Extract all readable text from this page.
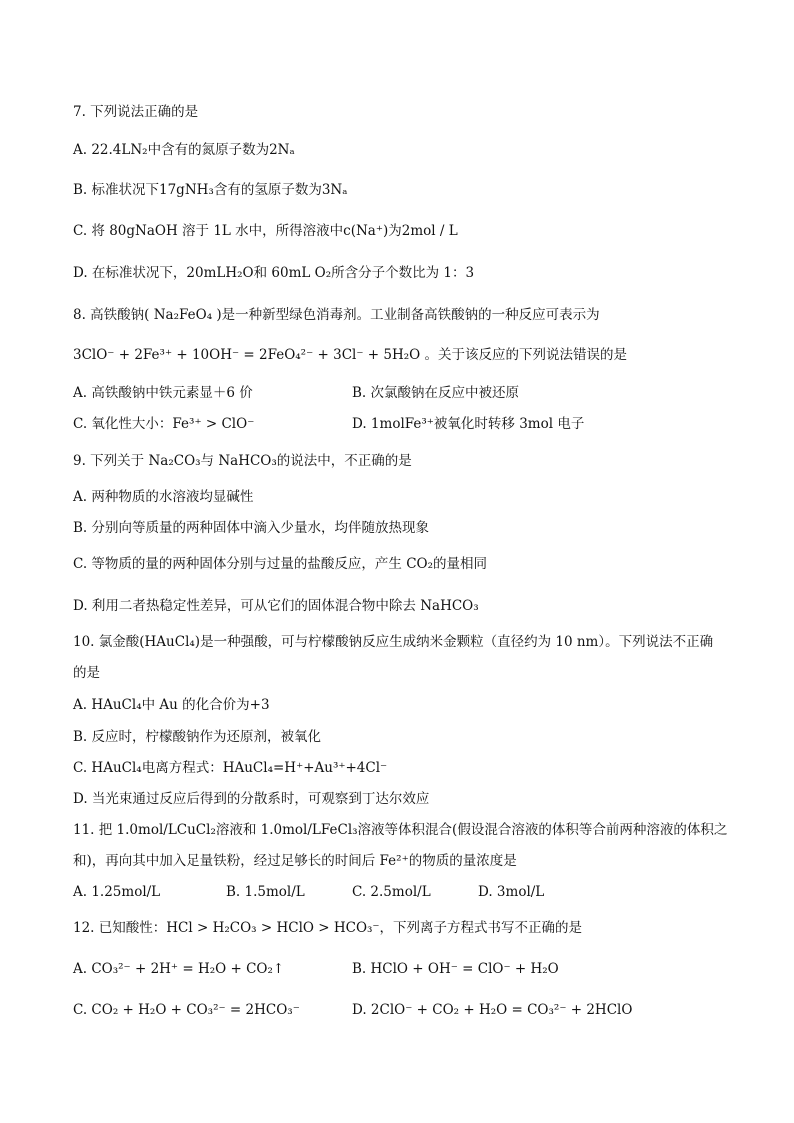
7. 下列说法正确的是
A. 22.4LN₂中含有的氮原子数为2Nₐ
B. 标准状况下17gNH₃含有的氢原子数为3Nₐ
C. 将 80gNaOH 溶于 1L 水中，所得溶液中c(Na⁺)为2mol / L
D. 在标准状况下，20mLH₂O和 60mL O₂所含分子个数比为 1：3
8. 高铁酸钠( Na₂FeO₄ )是一种新型绿色消毒剂。工业制备高铁酸钠的一种反应可表示为
3ClO⁻ + 2Fe³⁺ + 10OH⁻ = 2FeO₄²⁻ + 3Cl⁻ + 5H₂O 。关于该反应的下列说法错误的是
A. 高铁酸钠中铁元素显＋6 价	B. 次氯酸钠在反应中被还原
C. 氧化性大小：Fe³⁺ > ClO⁻	D. 1molFe³⁺被氧化时转移 3mol 电子
9. 下列关于 Na₂CO₃与 NaHCO₃的说法中，不正确的是
A. 两种物质的水溶液均显碱性
B. 分别向等质量的两种固体中滴入少量水，均伴随放热现象
C. 等物质的量的两种固体分别与过量的盐酸反应，产生 CO₂的量相同
D. 利用二者热稳定性差异，可从它们的固体混合物中除去 NaHCO₃
10. 氯金酸(HAuCl₄)是一种强酸，可与柠檬酸钠反应生成纳米金颗粒（直径约为 10 nm）。下列说法不正确
的是
A. HAuCl₄中 Au 的化合价为+3
B. 反应时，柠檬酸钠作为还原剂，被氧化
C. HAuCl₄电离方程式：HAuCl₄=H⁺+Au³⁺+4Cl⁻
D. 当光束通过反应后得到的分散系时，可观察到丁达尔效应
11. 把 1.0mol/LCuCl₂溶液和 1.0mol/LFeCl₃溶液等体积混合(假设混合溶液的体积等合前两种溶液的体积之
和)，再向其中加入足量铁粉，经过足够长的时间后 Fe²⁺的物质的量浓度是
A. 1.25mol/L	B. 1.5mol/L	C. 2.5mol/L	D. 3mol/L
12. 已知酸性：HCl > H₂CO₃ > HClO > HCO₃⁻，下列离子方程式书写不正确的是
A. CO₃²⁻ + 2H⁺ = H₂O + CO₂↑	B. HClO + OH⁻ = ClO⁻ + H₂O
C. CO₂ + H₂O + CO₃²⁻ = 2HCO₃⁻	D. 2ClO⁻ + CO₂ + H₂O = CO₃²⁻ + 2HClO
